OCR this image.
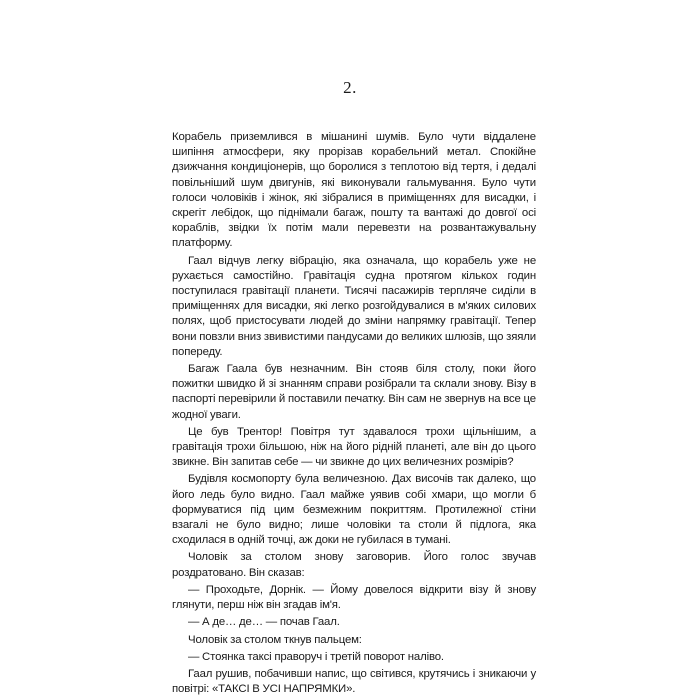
2.

Корабель приземлився в мішанині шумів. Було чути віддалене шипіння атмосфери, яку прорізав корабельний метал. Спокійне дзижчання кондиціонерів, що боролися з теплотою від тертя, і дедалі повільніший шум двигунів, які виконували гальмування. Було чути голоси чоловіків і жінок, які зібралися в приміщеннях для висадки, і скрегіт лебідок, що піднімали багаж, пошту та вантажі до довгої осі кораблів, звідки їх потім мали перевезти на розвантажувальну платформу.

Гаал відчув легку вібрацію, яка означала, що корабель уже не рухається самостійно. Гравітація судна протягом кількох годин поступилася гравітації планети. Тисячі пасажирів терпляче сиділи в приміщеннях для висадки, які легко розгойдувалися в м'яких силових полях, щоб пристосувати людей до зміни напрямку гравітації. Тепер вони повзли вниз звивистими пандусами до великих шлюзів, що зяяли попереду.

Багаж Гаала був незначним. Він стояв біля столу, поки його пожитки швидко й зі знанням справи розібрали та склали знову. Візу в паспорті перевірили й поставили печатку. Він сам не звернув на все це жодної уваги.

Це був Трентор! Повітря тут здавалося трохи щільнішим, а гравітація трохи більшою, ніж на його рідній планеті, але він до цього звикне. Він запитав себе — чи звикне до цих величезних розмірів?

Будівля космопорту була величезною. Дах височів так далеко, що його ледь було видно. Гаал майже уявив собі хмари, що могли б формуватися під цим безмежним покриттям. Протилежної стіни взагалі не було видно; лише чоловіки та столи й підлога, яка сходилася в одній точці, аж доки не губилася в тумані.

Чоловік за столом знову заговорив. Його голос звучав роздратовано. Він сказав:

— Проходьте, Дорнік. — Йому довелося відкрити візу й знову глянути, перш ніж він згадав ім'я.

— А де… де… — почав Гаал.

Чоловік за столом ткнув пальцем:

— Стоянка таксі праворуч і третій поворот наліво.

Гаал рушив, побачивши напис, що світився, крутячись і зникаючи у повітрі: «ТАКСІ В УСІ НАПРЯМКИ».
